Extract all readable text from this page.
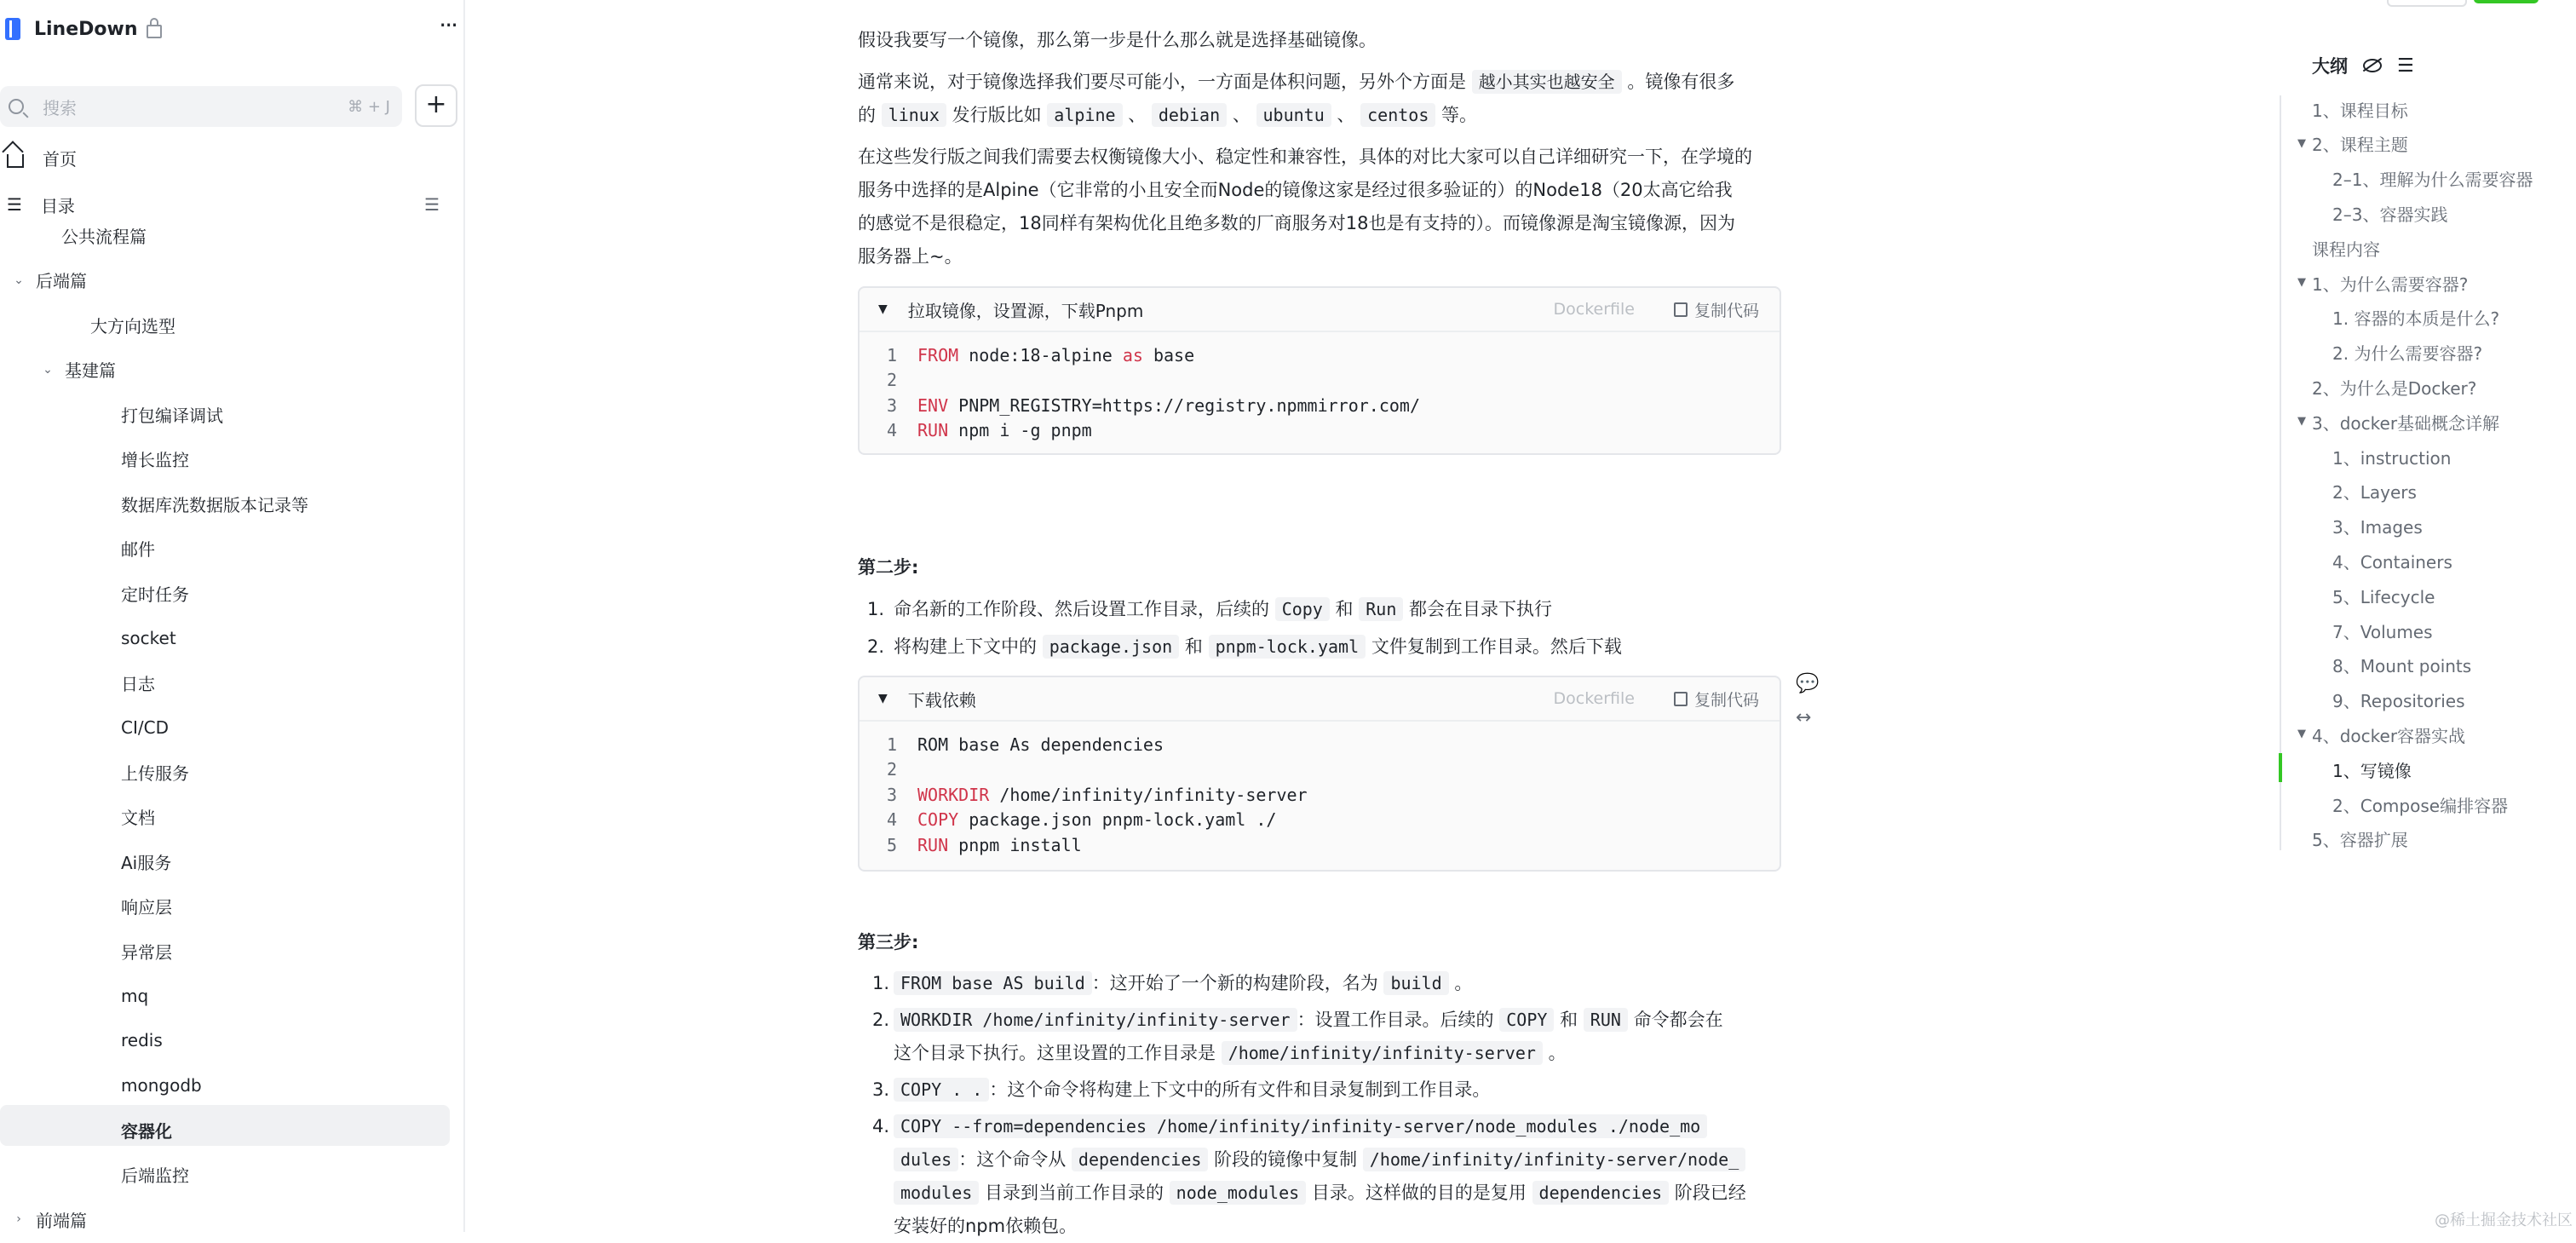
LineDown	···
搜索	⌘ + J	+
首页
☰ 目录	☰
公共流程篇
⌄ 后端篇
大方向选型
⌄ 基建篇
打包编译调试
增长监控
数据库洗数据版本记录等
邮件
定时任务
socket
日志
CI/CD
上传服务
文档
Ai服务
响应层
异常层
mq
redis
mongodb
容器化
后端监控
› 前端篇

假设我要写一个镜像，那么第一步是什么那么就是选择基础镜像。

通常来说，对于镜像选择我们要尽可能小，一方面是体积问题，另外个方面是 越小其实也越安全 。镜像有很多

的 linux 发行版比如 alpine 、 debian 、 ubuntu 、 centos 等。

在这些发行版之间我们需要去权衡镜像大小、稳定性和兼容性，具体的对比大家可以自己详细研究一下，在学境的

服务中选择的是Alpine（它非常的小且安全而Node的镜像这家是经过很多验证的）的Node18（20太高它给我

的感觉不是很稳定，18同样有架构优化且绝多数的厂商服务对18也是有支持的）。而镜像源是淘宝镜像源，因为

服务器上~。

▼ 拉取镜像，设置源，下载Pnpm	Dockerfile	复制代码
1 FROM node:18-alpine as base
2
3 ENV PNPM_REGISTRY=https://registry.npmmirror.com/
4 RUN npm i -g pnpm
第二步:
1. 命名新的工作阶段、然后设置工作目录，后续的 Copy 和 Run 都会在目录下执行
2. 将构建上下文中的 package.json 和 pnpm-lock.yaml 文件复制到工作目录。然后下载
💬
↔
▼ 下载依赖	Dockerfile	复制代码
1 ROM base As dependencies
2
3 WORKDIR /home/infinity/infinity-server
4 COPY package.json pnpm-lock.yaml ./
5 RUN pnpm install
第三步:
1. FROM base AS build ：这开始了一个新的构建阶段，名为 build 。
2. WORKDIR /home/infinity/infinity-server ：设置工作目录。后续的 COPY 和 RUN 命令都会在
这个目录下执行。这里设置的工作目录是 /home/infinity/infinity-server 。
3. COPY . . ：这个命令将构建上下文中的所有文件和目录复制到工作目录。
4. COPY --from=dependencies /home/infinity/infinity-server/node_modules ./node_mo
dules ：这个命令从 dependencies 阶段的镜像中复制 /home/infinity/infinity-server/node_
modules 目录到当前工作目录的 node_modules 目录。这样做的目的是复用 dependencies 阶段已经
安装好的npm依赖包。
大纲	☰
1、课程目标
▼ 2、课程主题
2–1、理解为什么需要容器
2–3、容器实践
课程内容
▼ 1、为什么需要容器?
1. 容器的本质是什么?
2. 为什么需要容器?
2、为什么是Docker?
▼ 3、docker基础概念详解
1、instruction
2、Layers
3、Images
4、Containers
5、Lifecycle
7、Volumes
8、Mount points
9、Repositories
▼ 4、docker容器实战
1、写镜像
2、Compose编排容器
5、容器扩展
@稀土掘金技术社区
